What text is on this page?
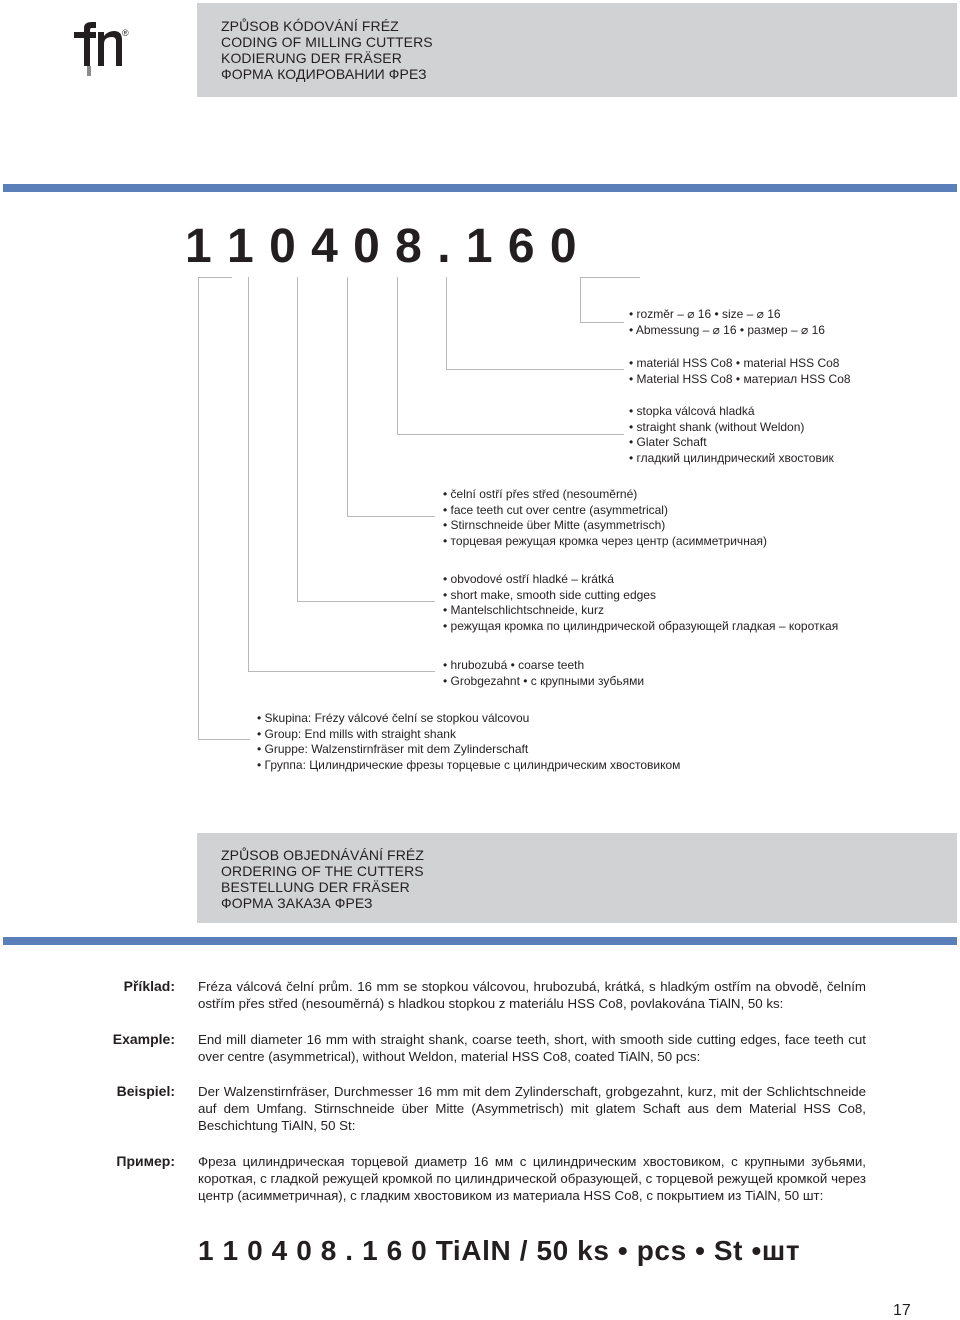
®	ZPŮSOB KÓDOVÁNÍ FRÉZ
CODING OF MILLING CUTTERS
KODIERUNG DER FRÄSER
ФОРМА КОДИРОВАНИИ ФРЕЗ
1 1 0 4 0 8 . 1 6 0
• rozměr – ⌀ 16 • size – ⌀ 16
• Abmessung – ⌀ 16 • размер – ⌀ 16
• materiál HSS Co8 • material HSS Co8
• Material HSS Co8 • материал HSS Co8
• stopka válcová hladká
• straight shank (without Weldon)
• Glater Schaft
• гладкий цилиндрический хвостовик
• čelní ostří přes střed (nesouměrné)
• face teeth cut over centre (asymmetrical)
• Stirnschneide über Mitte (asymmetrisch)
• торцевая режущая кромка через центр (асимметричная)
• obvodové ostří hladké – krátká
• short make, smooth side cutting edges
• Mantelschlichtschneide, kurz
• режущая кромка по цилиндрической образующей гладкая – короткая
• hrubozubá • coarse teeth
• Grobgezahnt • с крупными зубьями
• Skupina: Frézy válcové čelní se stopkou válcovou
• Group: End mills with straight shank
• Gruppe: Walzenstirnfräser mit dem Zylinderschaft
• Группа: Цилиндрические фрезы торцевые с цилиндрическим хвостовиком
ZPŮSOB OBJEDNÁVÁNÍ FRÉZ
ORDERING OF THE CUTTERS
BESTELLUNG DER FRÄSER
ФОРМА ЗАКАЗА ФРЕЗ
Příklad: Fréza válcová čelní prům. 16 mm se stopkou válcovou, hrubozubá, krátká, s hladkým ostřím na obvodě, čelním ostřím přes střed (nesouměrná) s hladkou stopkou z materiálu HSS Co8, povlakována TiAlN, 50 ks:
Example: End mill diameter 16 mm with straight shank, coarse teeth, short, with smooth side cutting edges, face teeth cut over centre (asymmetrical), without Weldon, material HSS Co8, coated TiAlN, 50 pcs:
Beispiel: Der Walzenstirnfräser, Durchmesser 16 mm mit dem Zylinderschaft, grobgezahnt, kurz, mit der Schlichtschneide auf dem Umfang. Stirnschneide über Mitte (Asymmetrisch) mit glatem Schaft aus dem Material HSS Co8, Beschichtung TiAlN, 50 St:
Пример: Фреза цилиндрическая торцевой диаметр 16 мм с цилиндрическим хвостовиком, с крупными зубьями, короткая, с гладкой режущей кромкой по цилиндрической образующей, с торцевой режущей кромкой через центр (асимметричная), с гладким хвостовиком из материала HSS Co8, с покрытием из TiAlN, 50 шт:
1 1 0 4 0 8 . 1 6 0 TiAlN / 50 ks • pcs • St •шт
17
